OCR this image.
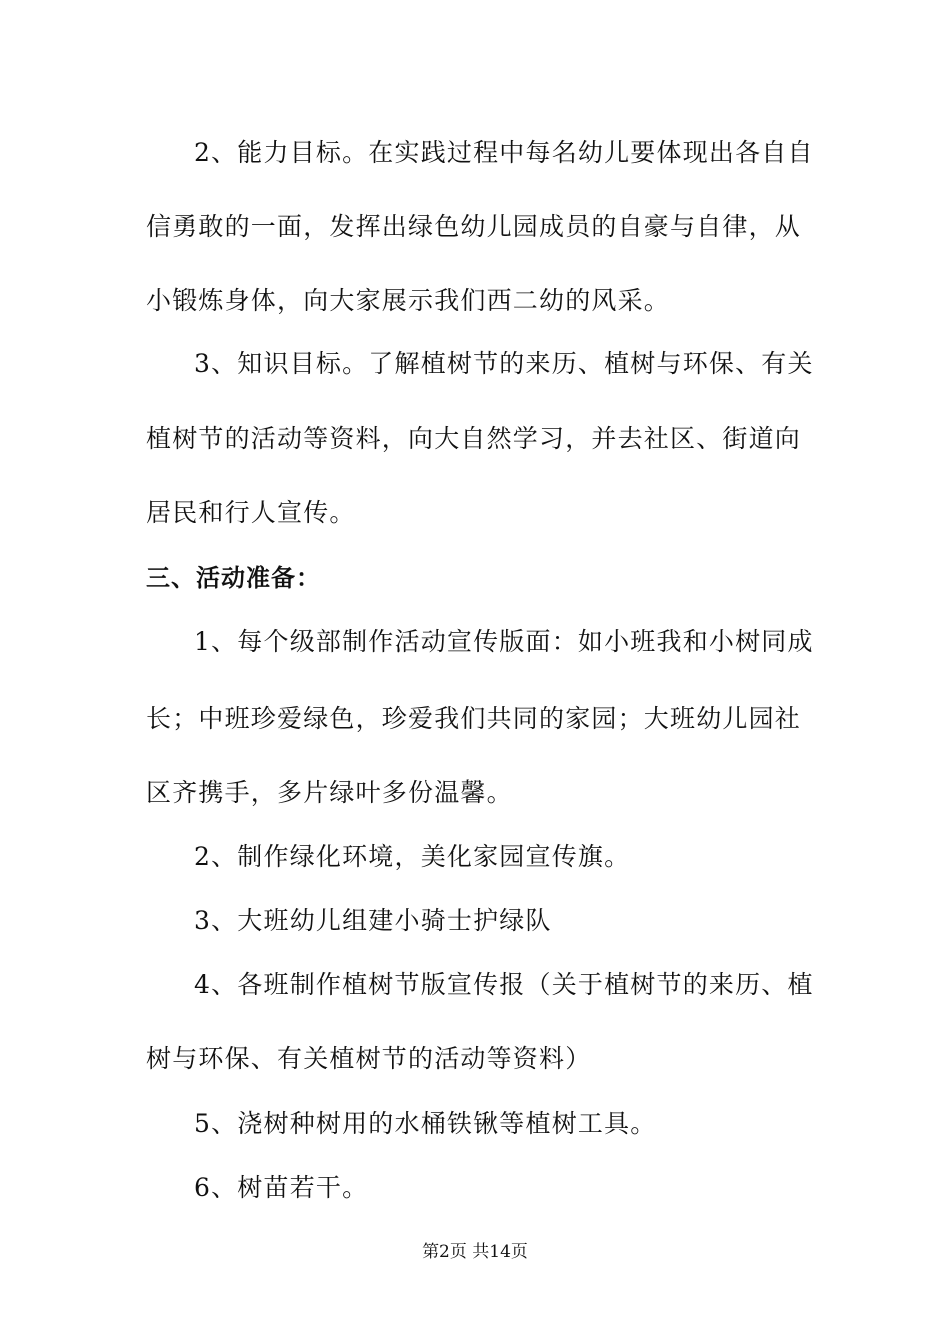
2、能力目标。在实践过程中每名幼儿要体现出各自自
信勇敢的一面，发挥出绿色幼儿园成员的自豪与自律，从
小锻炼身体，向大家展示我们西二幼的风采。
3、知识目标。了解植树节的来历、植树与环保、有关
植树节的活动等资料，向大自然学习，并去社区、街道向
居民和行人宣传。
三、活动准备：
1、每个级部制作活动宣传版面：如小班我和小树同成
长；中班珍爱绿色，珍爱我们共同的家园；大班幼儿园社
区齐携手，多片绿叶多份温馨。
2、制作绿化环境，美化家园宣传旗。
3、大班幼儿组建小骑士护绿队
4、各班制作植树节版宣传报（关于植树节的来历、植
树与环保、有关植树节的活动等资料）
5、浇树种树用的水桶铁锹等植树工具。
6、树苗若干。
第2页 共14页
